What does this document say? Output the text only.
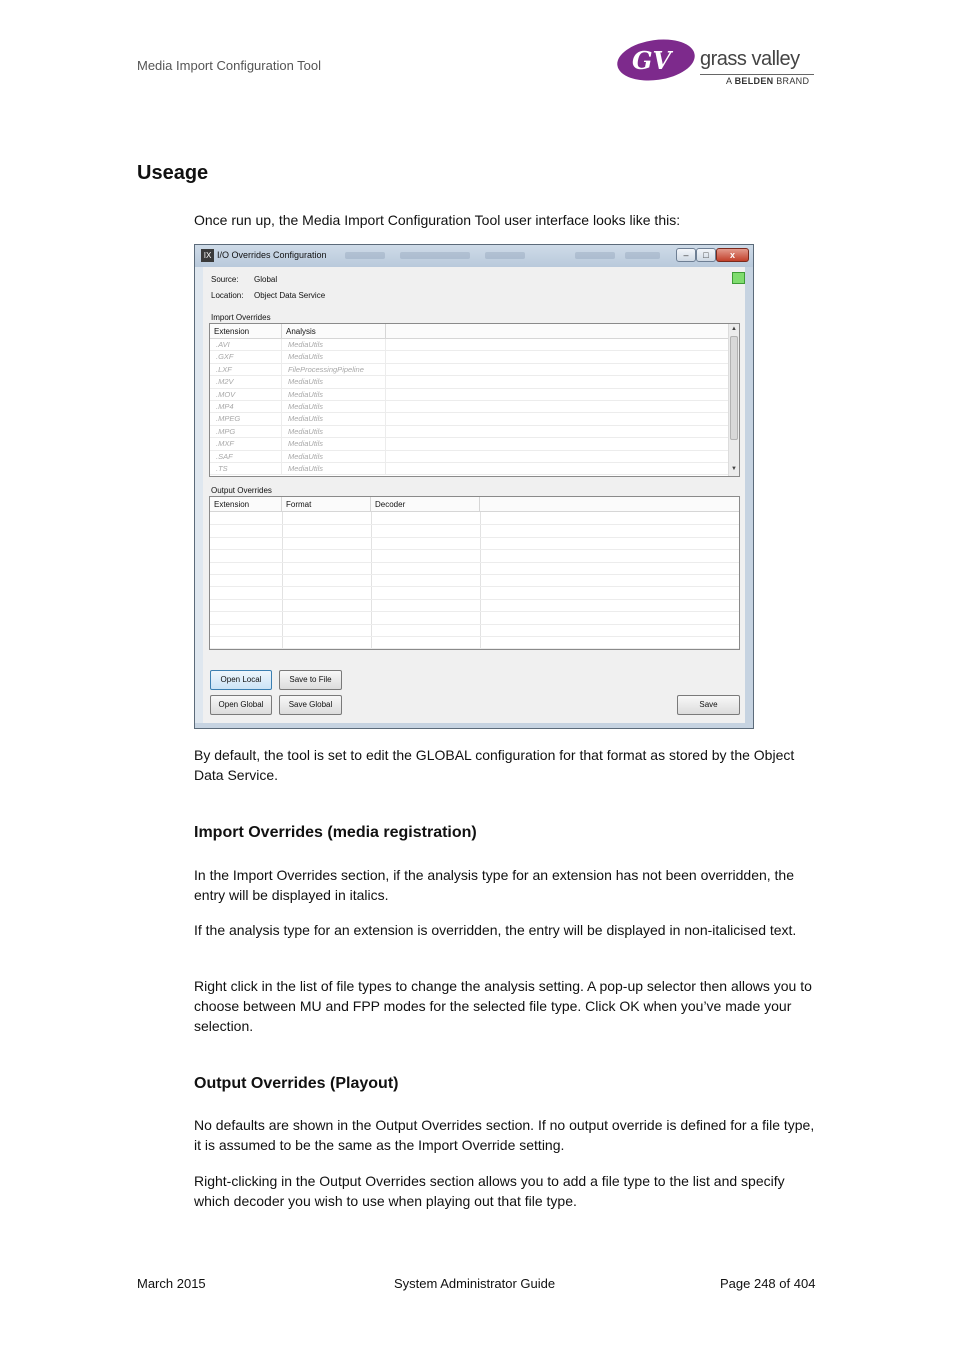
Media Import Configuration Tool	GV grass valley
A BELDEN BRAND
Useage

Once run up, the Media Import Configuration Tool user interface looks like this:

IX I/O Overrides Configuration	–	□	x
Source: Global
Location: Object Data Service
Import Overrides
Extension	Analysis
.AVI	MediaUtils
.GXF	MediaUtils
.LXF	FileProcessingPipeline
.M2V	MediaUtils
.MOV	MediaUtils
.MP4	MediaUtils
.MPEG	MediaUtils
.MPG	MediaUtils
.MXF	MediaUtils
.SAF	MediaUtils
.TS	MediaUtils
▲
▼
Output Overrides
Extension	Format	Decoder
Open Local	Save to File
Open Global	Save Global	Save

By default, the tool is set to edit the GLOBAL configuration for that format as stored by the Object Data Service.

Import Overrides (media registration)

In the Import Overrides section, if the analysis type for an extension has not been overridden, the entry will be displayed in italics.

If the analysis type for an extension is overridden, the entry will be displayed in non-italicised text.

Right click in the list of file types to change the analysis setting. A pop-up selector then allows you to choose between MU and FPP modes for the selected file type. Click OK when you’ve made your selection.

Output Overrides (Playout)

No defaults are shown in the Output Overrides section. If no output override is defined for a file type, it is assumed to be the same as the Import Override setting.

Right-clicking in the Output Overrides section allows you to add a file type to the list and specify which decoder you wish to use when playing out that file type.

March 2015	System Administrator Guide	Page 248 of 404
